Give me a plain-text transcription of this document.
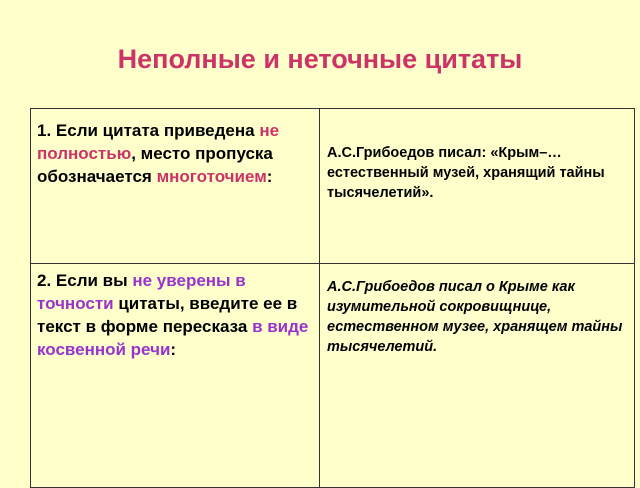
Неполные и неточные цитаты
1. Если цитата приведена не полностью, место пропуска обозначается многоточием:
А.С.Грибоедов писал: «Крым–…естественный музей, хранящий тайны тысячелетий».
2. Если вы не уверены в точности цитаты, введите ее в текст в форме пересказа в виде косвенной речи:
А.С.Грибоедов писал о Крыме как изумительной сокровищнице, естественном музее, хранящем тайны тысячелетий.
